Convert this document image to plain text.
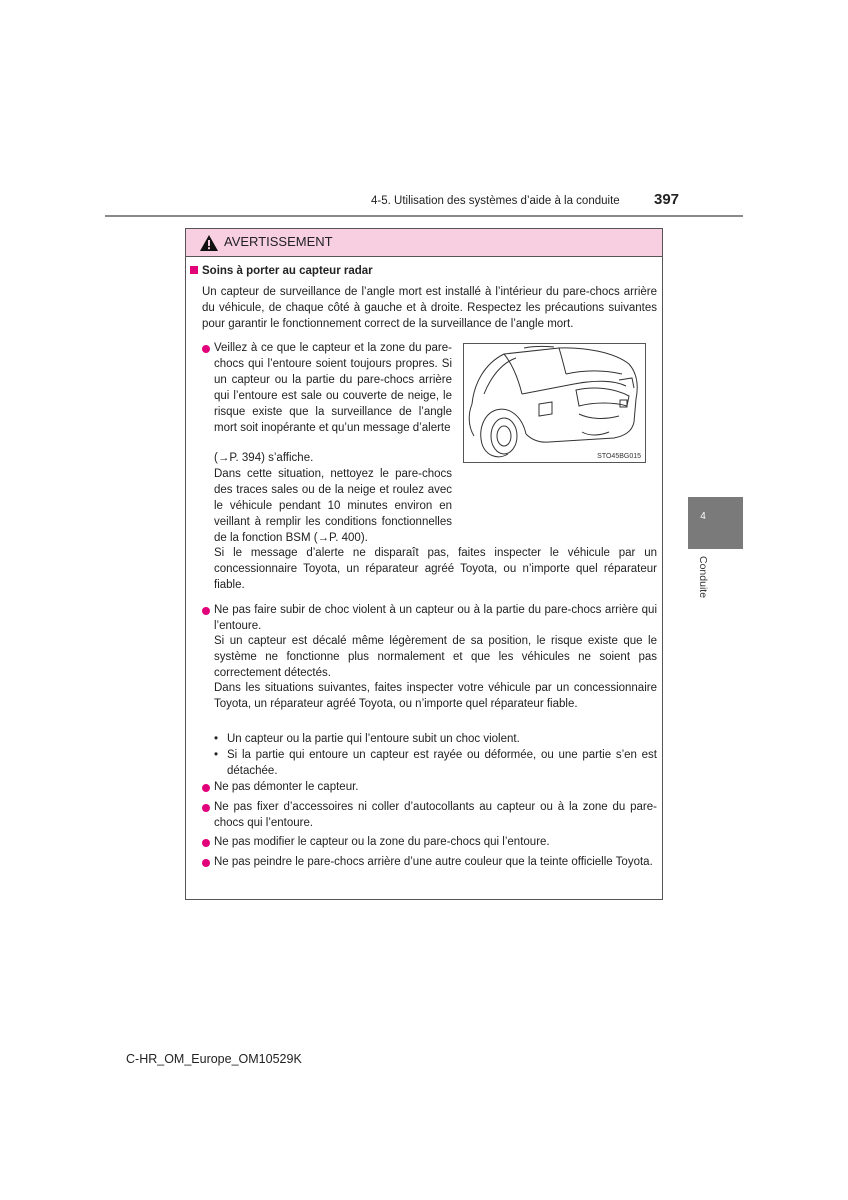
4-5. Utilisation des systèmes d’aide à la conduite 397
4
Conduite
AVERTISSEMENT
Soins à porter au capteur radar

Un capteur de surveillance de l’angle mort est installé à l’intérieur du pare-chocs arrière du véhicule, de chaque côté à gauche et à droite. Respectez les précautions suivantes pour garantir le fonctionnement correct de la surveillance de l’angle mort.

Veillez à ce que le capteur et la zone du pare-chocs qui l’entoure soient toujours propres. Si un capteur ou la partie du pare-chocs arrière qui l’entoure est sale ou couverte de neige, le risque existe que la surveillance de l’angle mort soit inopérante et qu’un message d’alerte

(→P. 394) s’affiche.

Dans cette situation, nettoyez le pare-chocs des traces sales ou de la neige et roulez avec le véhicule pendant 10 minutes environ en veillant à remplir les conditions fonctionnelles de la fonction BSM (→P. 400).

Si le message d’alerte ne disparaît pas, faites inspecter le véhicule par un concessionnaire Toyota, un réparateur agréé Toyota, ou n’importe quel réparateur fiable.

STO45BG015

Ne pas faire subir de choc violent à un capteur ou à la partie du pare-chocs arrière qui l’entoure.

Si un capteur est décalé même légèrement de sa position, le risque existe que le système ne fonctionne plus normalement et que les véhicules ne soient pas correctement détectés.

Dans les situations suivantes, faites inspecter votre véhicule par un concessionnaire Toyota, un réparateur agréé Toyota, ou n’importe quel réparateur fiable.

• Un capteur ou la partie qui l’entoure subit un choc violent.

• Si la partie qui entoure un capteur est rayée ou déformée, ou une partie s’en est détachée.

Ne pas démonter le capteur.

Ne pas fixer d’accessoires ni coller d’autocollants au capteur ou à la zone du pare-chocs qui l’entoure.

Ne pas modifier le capteur ou la zone du pare-chocs qui l’entoure.

Ne pas peindre le pare-chocs arrière d’une autre couleur que la teinte officielle Toyota.

C-HR_OM_Europe_OM10529K
